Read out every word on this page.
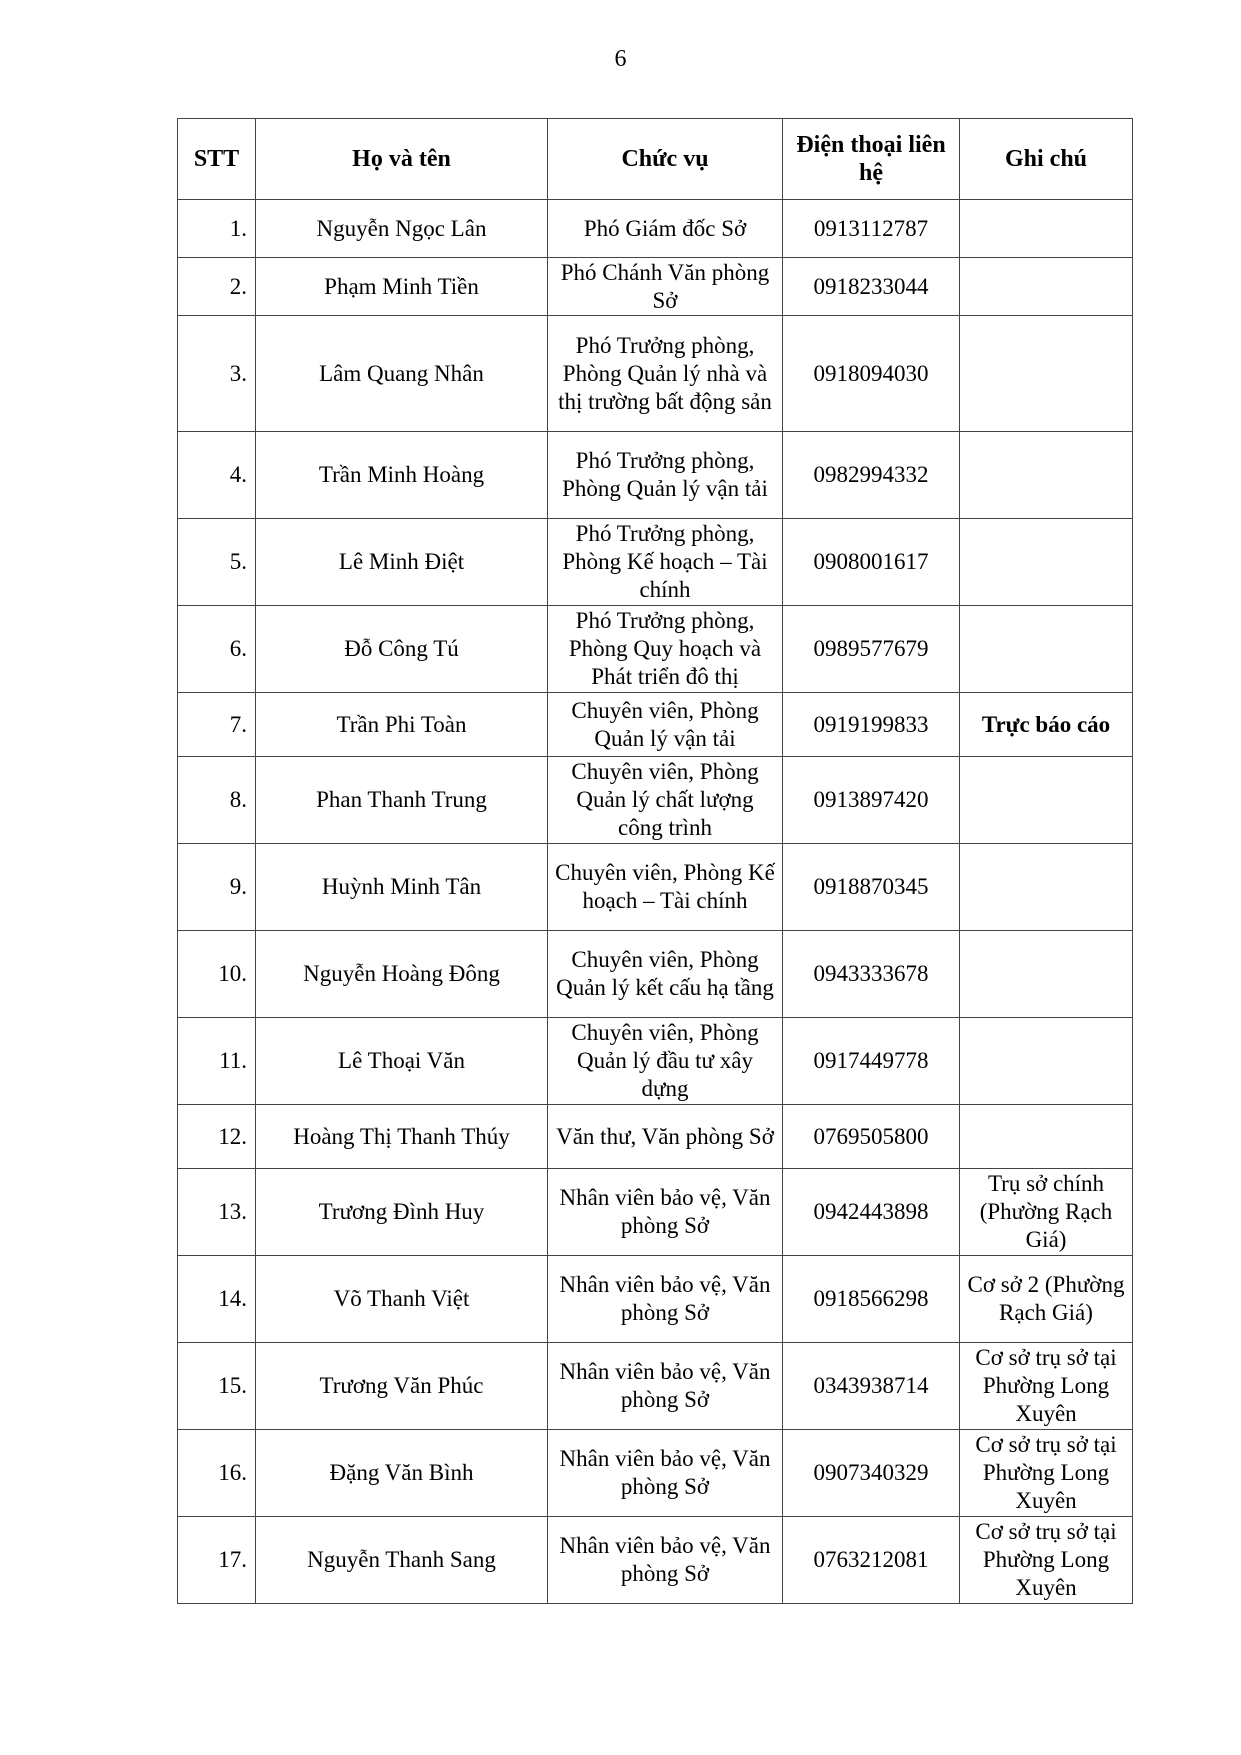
6
STT	Họ và tên	Chức vụ	Điện thoại liên hệ	Ghi chú
1.	Nguyễn Ngọc Lân	Phó Giám đốc Sở	0913112787	
2.	Phạm Minh Tiền	Phó Chánh Văn phòng Sở	0918233044	
3.	Lâm Quang Nhân	Phó Trưởng phòng, Phòng Quản lý nhà và thị trường bất động sản	0918094030	
4.	Trần Minh Hoàng	Phó Trưởng phòng, Phòng Quản lý vận tải	0982994332	
5.	Lê Minh Điệt	Phó Trưởng phòng, Phòng Kế hoạch – Tài chính	0908001617	
6.	Đỗ Công Tú	Phó Trưởng phòng, Phòng Quy hoạch và Phát triển đô thị	0989577679	
7.	Trần Phi Toàn	Chuyên viên, Phòng Quản lý vận tải	0919199833	Trực báo cáo
8.	Phan Thanh Trung	Chuyên viên, Phòng Quản lý chất lượng công trình	0913897420	
9.	Huỳnh Minh Tân	Chuyên viên, Phòng Kế hoạch – Tài chính	0918870345	
10.	Nguyễn Hoàng Đông	Chuyên viên, Phòng Quản lý kết cấu hạ tầng	0943333678	
11.	Lê Thoại Văn	Chuyên viên, Phòng Quản lý đầu tư xây dựng	0917449778	
12.	Hoàng Thị Thanh Thúy	Văn thư, Văn phòng Sở	0769505800	
13.	Trương Đình Huy	Nhân viên bảo vệ, Văn phòng Sở	0942443898	Trụ sở chính (Phường Rạch Giá)
14.	Võ Thanh Việt	Nhân viên bảo vệ, Văn phòng Sở	0918566298	Cơ sở 2 (Phường Rạch Giá)
15.	Trương Văn Phúc	Nhân viên bảo vệ, Văn phòng Sở	0343938714	Cơ sở trụ sở tại Phường Long Xuyên
16.	Đặng Văn Bình	Nhân viên bảo vệ, Văn phòng Sở	0907340329	Cơ sở trụ sở tại Phường Long Xuyên
17.	Nguyễn Thanh Sang	Nhân viên bảo vệ, Văn phòng Sở	0763212081	Cơ sở trụ sở tại Phường Long Xuyên
